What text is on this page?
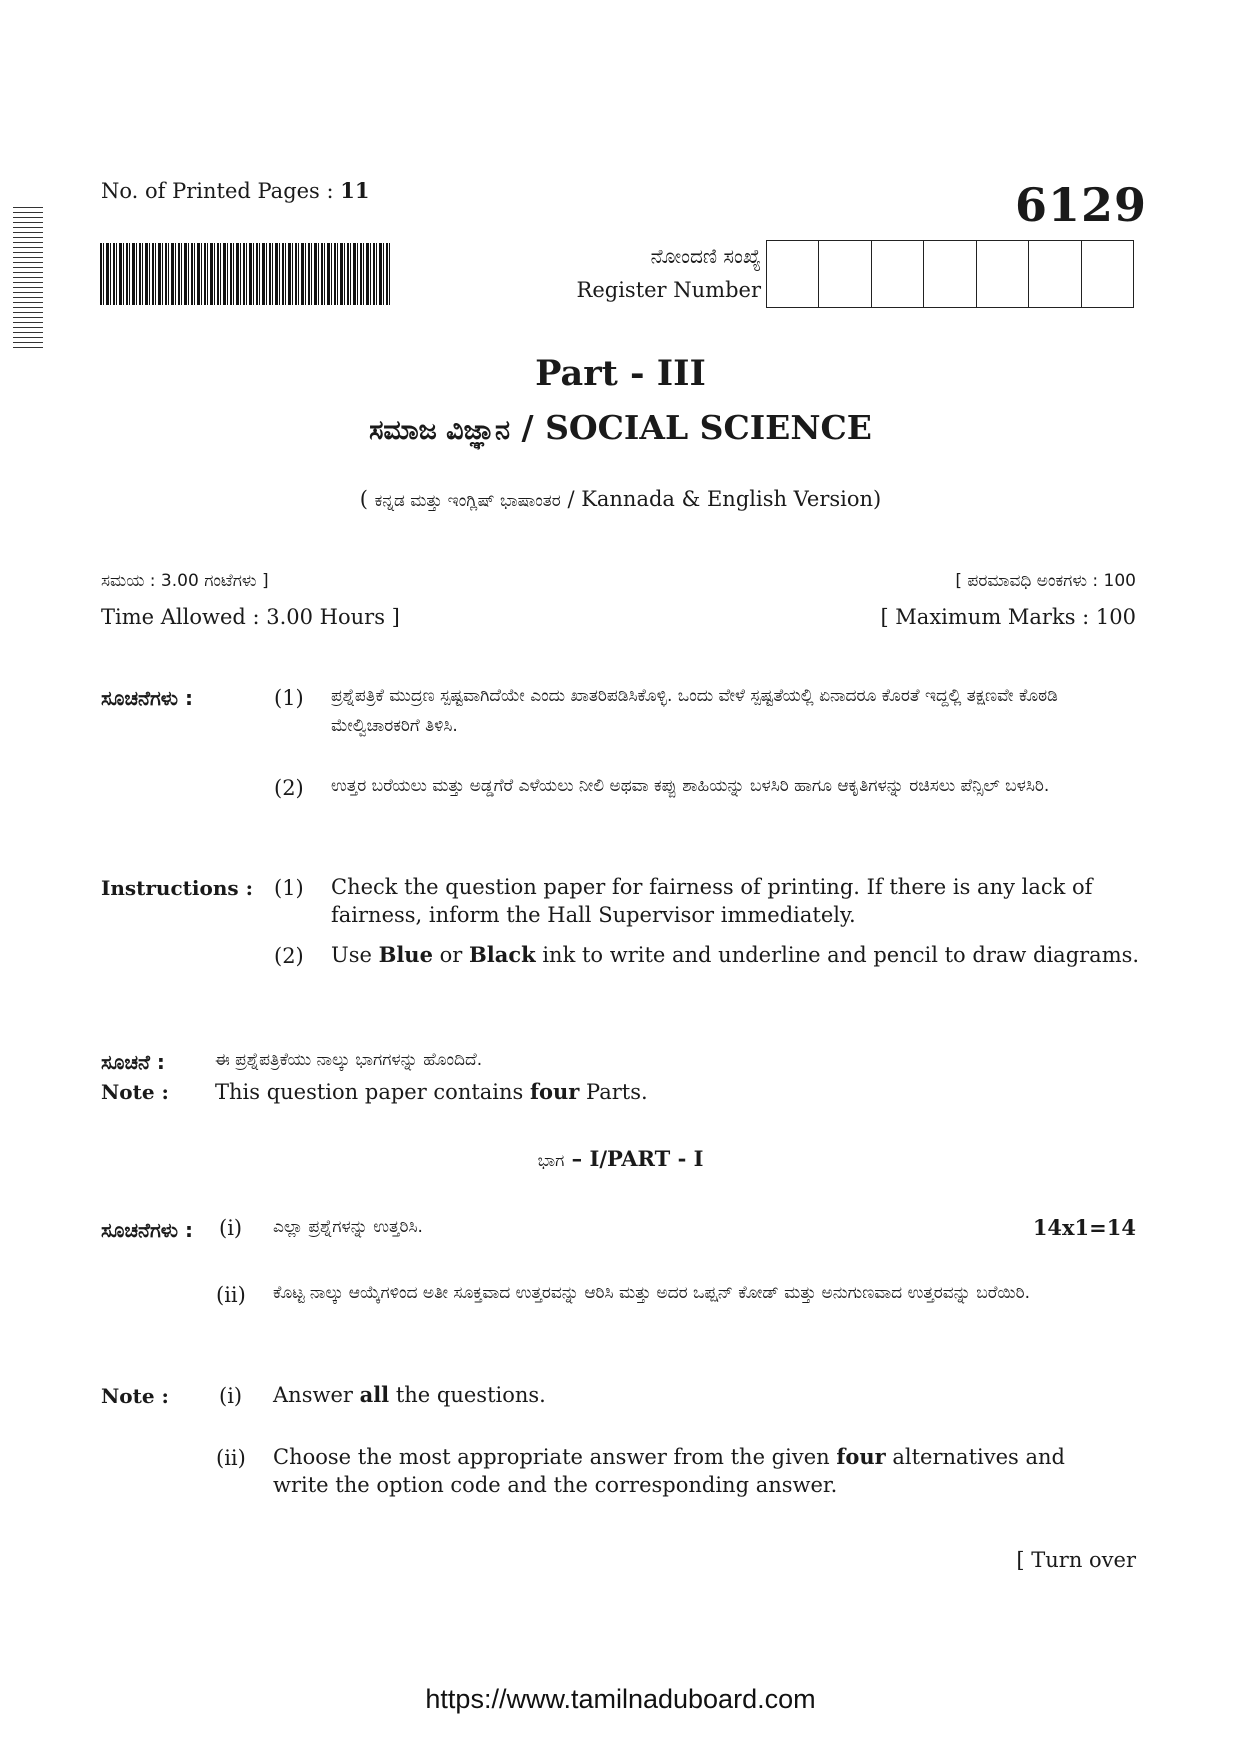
No. of Printed Pages : 11	6129
ನೋಂದಣಿ ಸಂಖ್ಯೆ
Register Number
Part - III
ಸಮಾಜ ವಿಜ್ಞಾನ / SOCIAL SCIENCE
( ಕನ್ನಡ ಮತ್ತು ಇಂಗ್ಲಿಷ್ ಭಾಷಾಂತರ / Kannada & English Version)
ಸಮಯ : 3.00 ಗಂಟೆಗಳು ]
Time Allowed : 3.00 Hours ]
[ ಪರಮಾವಧಿ ಅಂಕಗಳು : 100
[ Maximum Marks : 100
ಸೂಚನೆಗಳು :	(1) ಪ್ರಶ್ನೆಪತ್ರಿಕೆ ಮುದ್ರಣ ಸ್ಪಷ್ಟವಾಗಿದೆಯೇ ಎಂದು ಖಾತರಿಪಡಿಸಿಕೊಳ್ಳಿ. ಒಂದು ವೇಳೆ ಸ್ಪಷ್ಟತೆಯಲ್ಲಿ ಏನಾದರೂ ಕೊರತೆ ಇದ್ದಲ್ಲಿ ತಕ್ಷಣವೇ ಕೊಠಡಿ ಮೇಲ್ವಿಚಾರಕರಿಗೆ ತಿಳಿಸಿ.
(2) ಉತ್ತರ ಬರೆಯಲು ಮತ್ತು ಅಡ್ಡಗೆರೆ ಎಳೆಯಲು ನೀಲಿ ಅಥವಾ ಕಪ್ಪು ಶಾಹಿಯನ್ನು ಬಳಸಿರಿ ಹಾಗೂ ಆಕೃತಿಗಳನ್ನು ರಚಿಸಲು ಪೆನ್ಸಿಲ್ ಬಳಸಿರಿ.
Instructions : (1) Check the question paper for fairness of printing. If there is any lack of fairness, inform the Hall Supervisor immediately.
(2) Use Blue or Black ink to write and underline and pencil to draw diagrams.
ಸೂಚನೆ :	ಈ ಪ್ರಶ್ನೆಪತ್ರಿಕೆಯು ನಾಲ್ಕು ಭಾಗಗಳನ್ನು ಹೊಂದಿದೆ.
Note : This question paper contains four Parts.
ಭಾಗ – I/PART - I
ಸೂಚನೆಗಳು : (i) ಎಲ್ಲಾ ಪ್ರಶ್ನೆಗಳನ್ನು ಉತ್ತರಿಸಿ.	14x1=14
(ii) ಕೊಟ್ಟ ನಾಲ್ಕು ಆಯ್ಕೆಗಳಿಂದ ಅತೀ ಸೂಕ್ತವಾದ ಉತ್ತರವನ್ನು ಆರಿಸಿ ಮತ್ತು ಅದರ ಒಪ್ಷನ್ ಕೋಡ್ ಮತ್ತು ಅನುಗುಣವಾದ ಉತ್ತರವನ್ನು ಬರೆಯಿರಿ.
Note : (i) Answer all the questions.
(ii) Choose the most appropriate answer from the given four alternatives and write the option code and the corresponding answer.
[ Turn over
https://www.tamilnaduboard.com
